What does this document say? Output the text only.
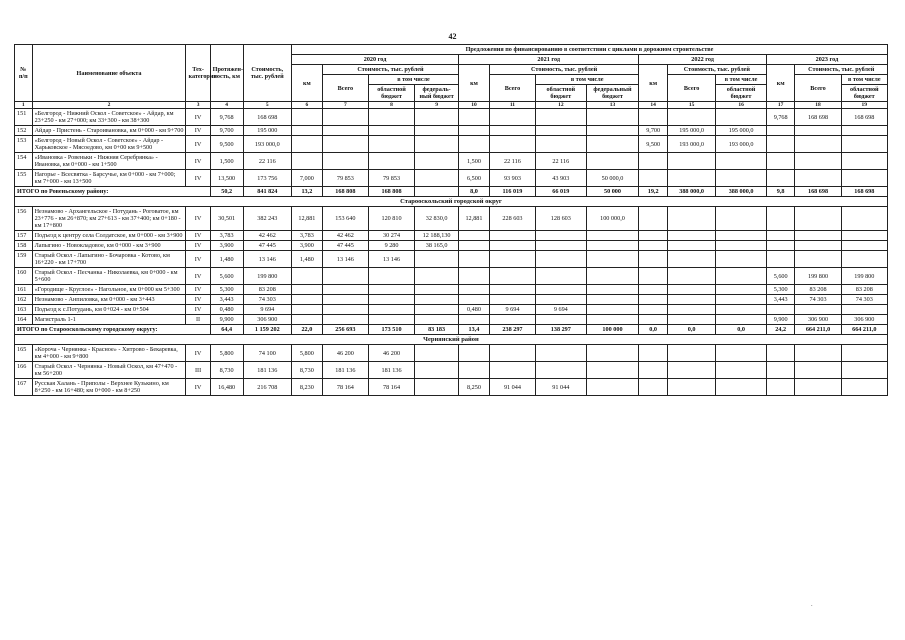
42
№ п/п	Наименование объекта	Тех-категория	Протяжен-ность, км	Стоимость, тыс. рублей	Предложения по финансированию в соответствии с циклами в дорожном строительстве													
					2020 год				2021 год				2022 год			2023 год		
					км	Стоимость, тыс. рублей			км	Стоимость, тыс. рублей			км	Стоимость, тыс. рублей		км	Стоимость, тыс. рублей	
						Всего	в том числе			Всего	в том числе			Всего	в том числе		Всего	в том числе
							областной бюджет	федераль-ный бюджет			областной бюджет	федеральный бюджет			областной бюджет			областной бюджет
1	2	3	4	5	6	7	8	9	10	11	12	13	14	15	16	17	18	19
151	«Белгород - Нижний Оскол - Советское» - Айдар, км 23+250 - км 27+000; км 33+300 - км 38+300	IV	9,768	168 698												9,768	168 698	168 698
152	Айдар - Пристень - Староивановка, км 0+000 - км 9+700	IV	9,700	195 000									9,700	195 000,0	195 000,0			
153	«Белгород - Новый Оскол - Советское» - Айдар - Харьковское - Мясоедово, км 0+00 км 9+500	IV	9,500	193 000,0									9,500	193 000,0	193 000,0			
154	«Ивановка - Ровеньки - Нижняя Серебрянка» - Ивановка, км 0+000 - км 1+500	IV	1,500	22 116					1,500	22 116	22 116							
155	Нагорье - Всесвятка - Барсучье, км 0+000 - км 7+000; км 7+000 - км 13+500	IV	13,500	173 756	7,000	79 853	79 853		6,500	93 903	43 903	50 000,0						
ИТОГО по Ровеньскому району:			50,2	841 824	13,2	168 808	168 808		8,0	116 019	66 019	50 000	19,2	388 000,0	388 000,0	9,8	168 698	168 698
Старооскольский городской округ																		
156	Незнамово - Архангельское - Потудань - Роговатое, км 23+776 - км 26+870; км 27+613 - км 37+400; км 0+180 - км 17+800	IV	30,501	382 243	12,881	153 640	120 810	32 830,0	12,881	228 603	128 603	100 000,0						
157	Подъезд к центру села Солдатское, км 0+000 - км 3+900	IV	3,783	42 462	3,783	42 462	30 274	12 188,130										
158	Лапыгино - Новокладовое, км 0+000 - км 3+900	IV	3,900	47 445	3,900	47 445	9 280	38 165,0										
159	Старый Оскол - Лапыгино - Бочаровка - Котово, км 16+220 - км 17+700	IV	1,480	13 146	1,480	13 146	13 146											
160	Старый Оскол - Песчанка - Николаевка, км 0+000 - км 5+600	IV	5,600	199 800												5,600	199 800	199 800
161	«Городище - Круглое» - Нагольное, км 0+000 км 5+300	IV	5,300	83 208												5,300	83 208	83 208
162	Незнамово - Анпиловка, км 0+000 - км 3+443	IV	3,443	74 303												3,443	74 303	74 303
163	Подъезд к с.Потудань, км 0+024 - км 0+504	IV	0,480	9 694					0,480	9 694	9 694							
164	Магистраль 1-1	II	9,900	306 900												9,900	306 900	306 900
ИТОГО по Старооскольскому городскому округу:			64,4	1 159 202	22,0	256 693	173 510	83 183	13,4	238 297	138 297	100 000	0,0	0,0	0,0	24,2	664 211,0	664 211,0
Чернянский район																		
165	«Короча - Чернянка - Красное» - Хитрово - Бекаревка, км 4+000 - км 9+800	IV	5,800	74 100	5,800	46 200	46 200											
166	Старый Оскол - Чернянка - Новый Оскол, км 47+470 - км 56+200	III	8,730	181 136	8,730	181 136	181 136											
167	Русская Халань - Приполы - Верхнее Кузькино, км 8+250 - км 16+480; км 0+000 - км 8+250	IV	16,480	216 708	8,230	78 164	78 164		8,250	91 044	91 044							
·
